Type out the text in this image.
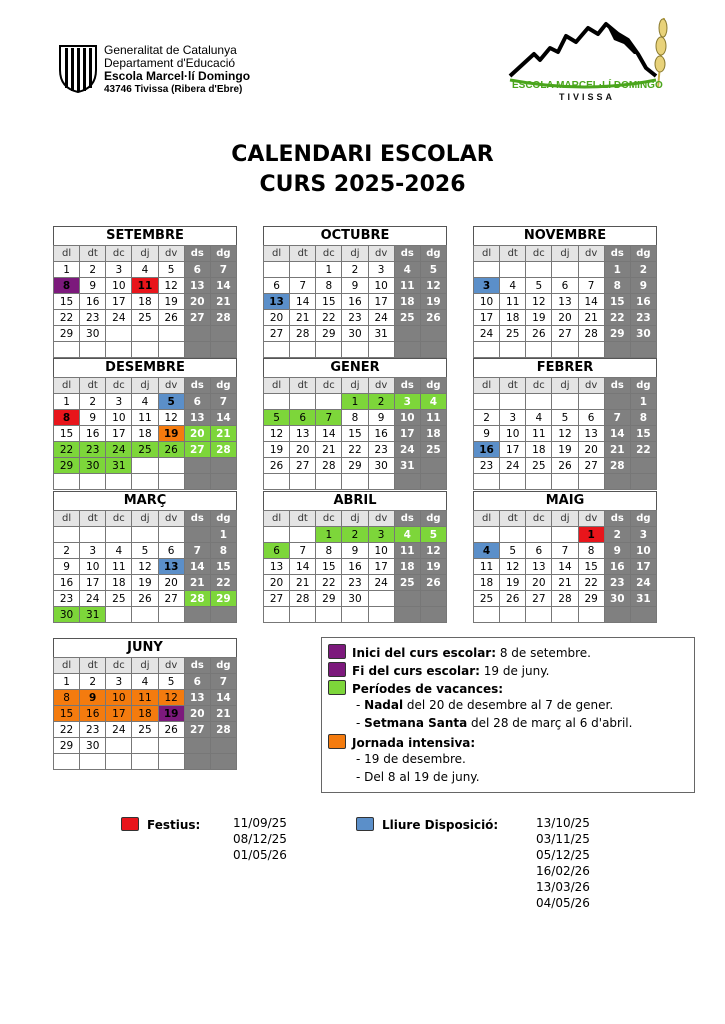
Generalitat de Catalunya
Departament d'Educació
Escola Marcel·lí Domingo
43746 Tivissa (Ribera d'Ebre)	ESCOLA MARCEL·LÍ DOMINGO
TIVISSA
CALENDARI ESCOLAR
CURS 2025-2026
SETEMBRE
dl	dt	dc	dj	dv	ds	dg
1	2	3	4	5	6	7
8	9	10	11	12	13	14
15	16	17	18	19	20	21
22	23	24	25	26	27	28
29	30					

OCTUBRE
dl	dt	dc	dj	dv	ds	dg
		1	2	3	4	5
6	7	8	9	10	11	12
13	14	15	16	17	18	19
20	21	22	23	24	25	26
27	28	29	30	31		

NOVEMBRE
dl	dt	dc	dj	dv	ds	dg
					1	2
3	4	5	6	7	8	9
10	11	12	13	14	15	16
17	18	19	20	21	22	23
24	25	26	27	28	29	30

DESEMBRE
dl	dt	dc	dj	dv	ds	dg
1	2	3	4	5	6	7
8	9	10	11	12	13	14
15	16	17	18	19	20	21
22	23	24	25	26	27	28
29	30	31				

GENER
dl	dt	dc	dj	dv	ds	dg
			1	2	3	4
5	6	7	8	9	10	11
12	13	14	15	16	17	18
19	20	21	22	23	24	25
26	27	28	29	30	31	

FEBRER
dl	dt	dc	dj	dv	ds	dg
						1
2	3	4	5	6	7	8
9	10	11	12	13	14	15
16	17	18	19	20	21	22
23	24	25	26	27	28	

MARÇ
dl	dt	dc	dj	dv	ds	dg
						1
2	3	4	5	6	7	8
9	10	11	12	13	14	15
16	17	18	19	20	21	22
23	24	25	26	27	28	29
30	31					
ABRIL
dl	dt	dc	dj	dv	ds	dg
		1	2	3	4	5
6	7	8	9	10	11	12
13	14	15	16	17	18	19
20	21	22	23	24	25	26
27	28	29	30			

MAIG
dl	dt	dc	dj	dv	ds	dg
				1	2	3
4	5	6	7	8	9	10
11	12	13	14	15	16	17
18	19	20	21	22	23	24
25	26	27	28	29	30	31

JUNY
dl	dt	dc	dj	dv	ds	dg
1	2	3	4	5	6	7
8	9	10	11	12	13	14
15	16	17	18	19	20	21
22	23	24	25	26	27	28
29	30					

Inici del curs escolar: 8 de setembre.
Fi del curs escolar: 19 de juny.
Períodes de vacances:
- Nadal del 20 de desembre al 7 de gener.
- Setmana Santa del 28 de març al 6 d'abril.
Jornada intensiva:
- 19 de desembre.
- Del 8 al 19 de juny.
Festius:	11/09/25
08/12/25
01/05/26
Lliure Disposició:	13/10/25
03/11/25
05/12/25
16/02/26
13/03/26
04/05/26
